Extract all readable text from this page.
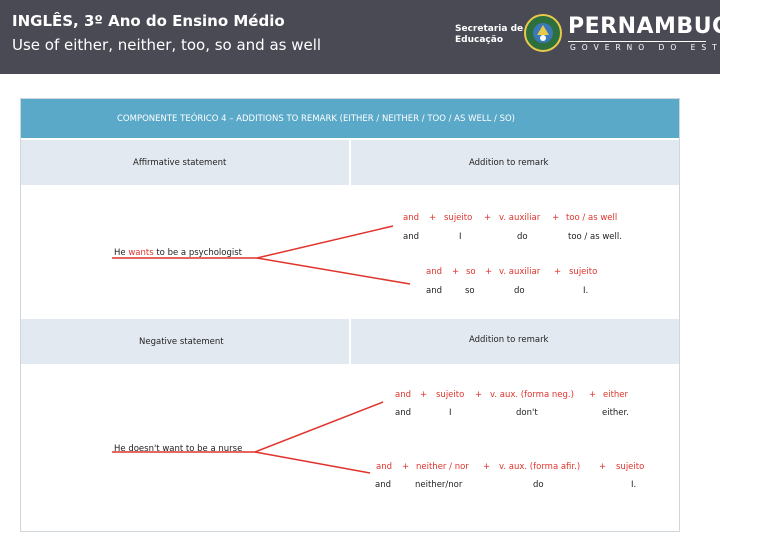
INGLÊS, 3º Ano do Ensino Médio
Use of either, neither, too, so and as well
Secretaria de
Educação
PERNAMBUCO
GOVERNO DO ESTADO
COMPONENTE TEÓRICO 4 – ADDITIONS TO REMARK (EITHER / NEITHER / TOO / AS WELL / SO)
Affirmative statement	Addition to remark
Negative statement	Addition to remark
He wants to be a psychologist
and + sujeito + v. auxiliar + too / as well
and	I	do	too / as well.
and + so + v. auxiliar + sujeito
and	so	do	I.
He doesn't want to be a nurse
and + sujeito + v. aux. (forma neg.) + either
and	I	don't	either.
and + neither / nor + v. aux. (forma afir.) + sujeito
and	neither/nor	do	I.
